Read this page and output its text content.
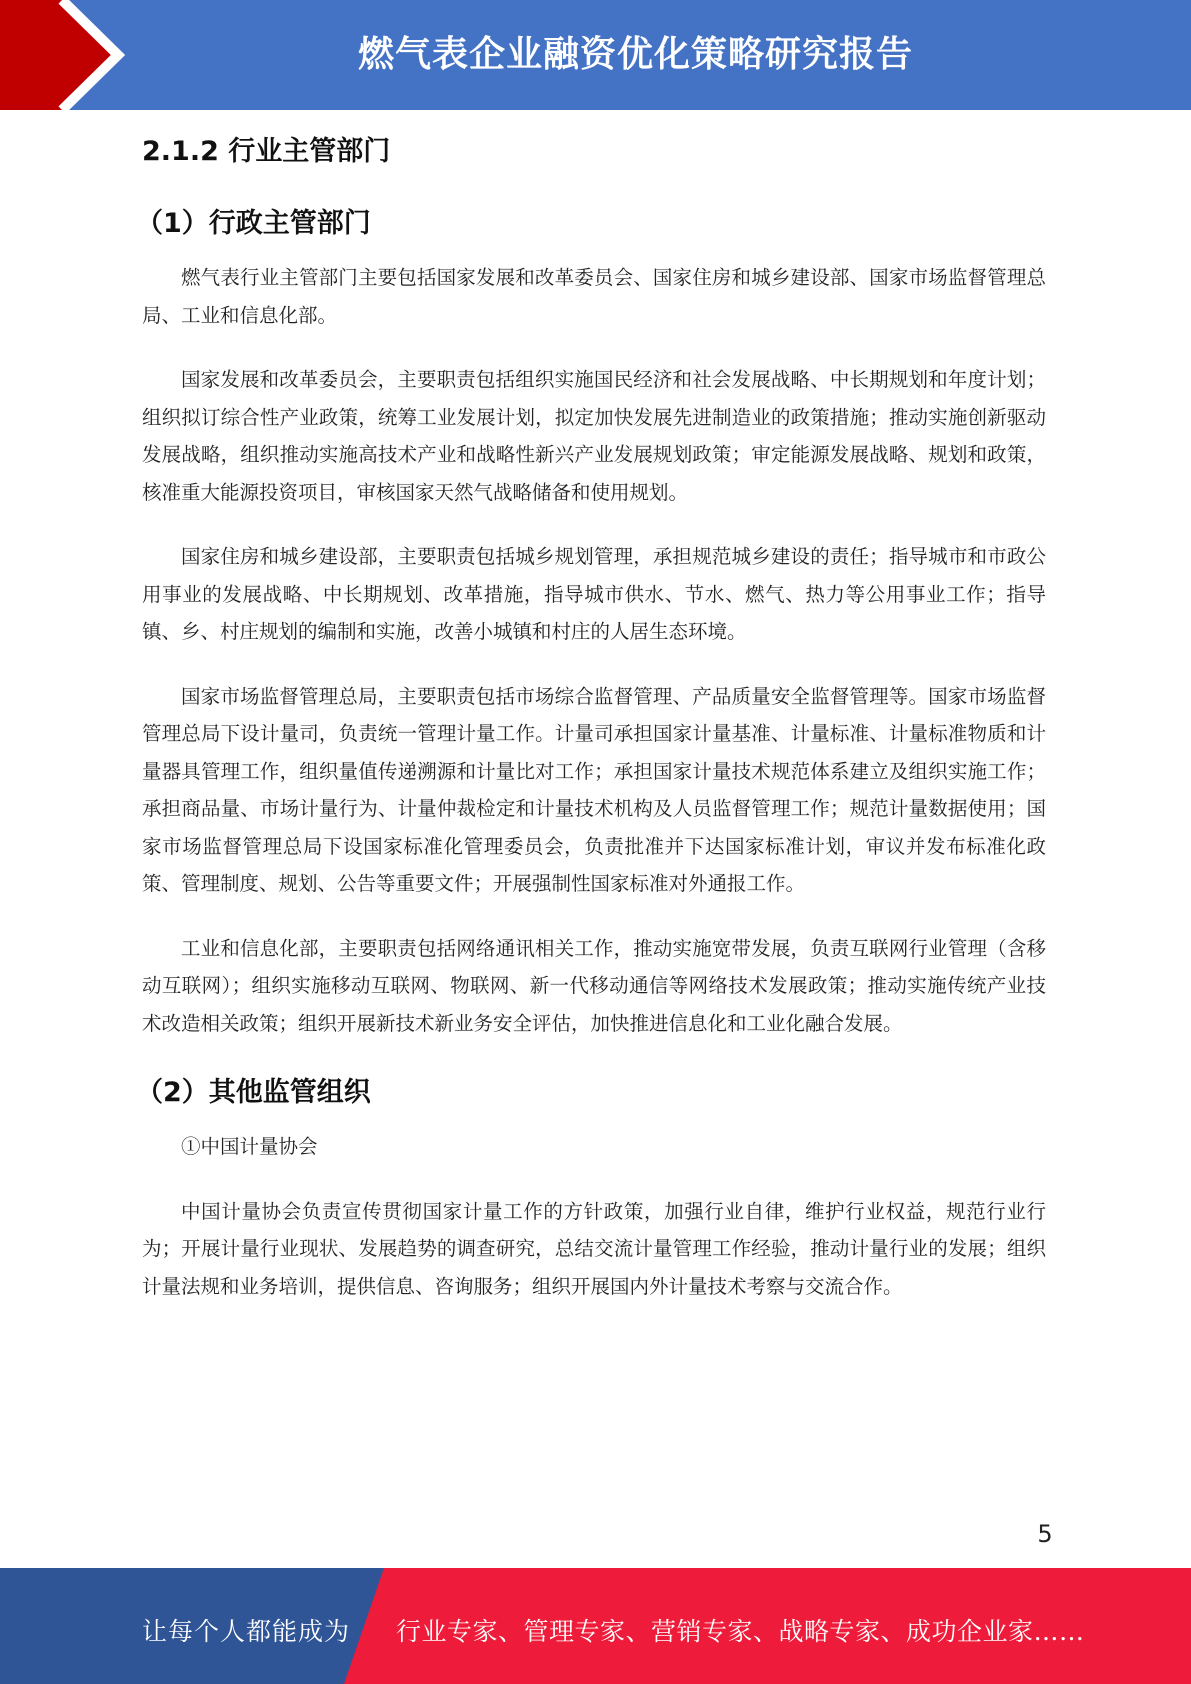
燃气表企业融资优化策略研究报告
2.1.2 行业主管部门
（1）行政主管部门

燃气表行业主管部门主要包括国家发展和改革委员会、国家住房和城乡建设部、国家市场监督管理总局、工业和信息化部。

国家发展和改革委员会，主要职责包括组织实施国民经济和社会发展战略、中长期规划和年度计划；组织拟订综合性产业政策，统筹工业发展计划，拟定加快发展先进制造业的政策措施；推动实施创新驱动发展战略，组织推动实施高技术产业和战略性新兴产业发展规划政策；审定能源发展战略、规划和政策，核准重大能源投资项目，审核国家天然气战略储备和使用规划。

国家住房和城乡建设部，主要职责包括城乡规划管理，承担规范城乡建设的责任；指导城市和市政公用事业的发展战略、中长期规划、改革措施，指导城市供水、节水、燃气、热力等公用事业工作；指导镇、乡、村庄规划的编制和实施，改善小城镇和村庄的人居生态环境。

国家市场监督管理总局，主要职责包括市场综合监督管理、产品质量安全监督管理等。国家市场监督管理总局下设计量司，负责统一管理计量工作。计量司承担国家计量基准、计量标准、计量标准物质和计量器具管理工作，组织量值传递溯源和计量比对工作；承担国家计量技术规范体系建立及组织实施工作；承担商品量、市场计量行为、计量仲裁检定和计量技术机构及人员监督管理工作；规范计量数据使用；国家市场监督管理总局下设国家标准化管理委员会，负责批准并下达国家标准计划，审议并发布标准化政策、管理制度、规划、公告等重要文件；开展强制性国家标准对外通报工作。

工业和信息化部，主要职责包括网络通讯相关工作，推动实施宽带发展，负责互联网行业管理（含移动互联网）；组织实施移动互联网、物联网、新一代移动通信等网络技术发展政策；推动实施传统产业技术改造相关政策；组织开展新技术新业务安全评估，加快推进信息化和工业化融合发展。

（2）其他监管组织

①中国计量协会

中国计量协会负责宣传贯彻国家计量工作的方针政策，加强行业自律，维护行业权益，规范行业行为；开展计量行业现状、发展趋势的调查研究，总结交流计量管理工作经验，推动计量行业的发展；组织计量法规和业务培训，提供信息、咨询服务；组织开展国内外计量技术考察与交流合作。

5
让每个人都能成为 行业专家、管理专家、营销专家、战略专家、成功企业家……
